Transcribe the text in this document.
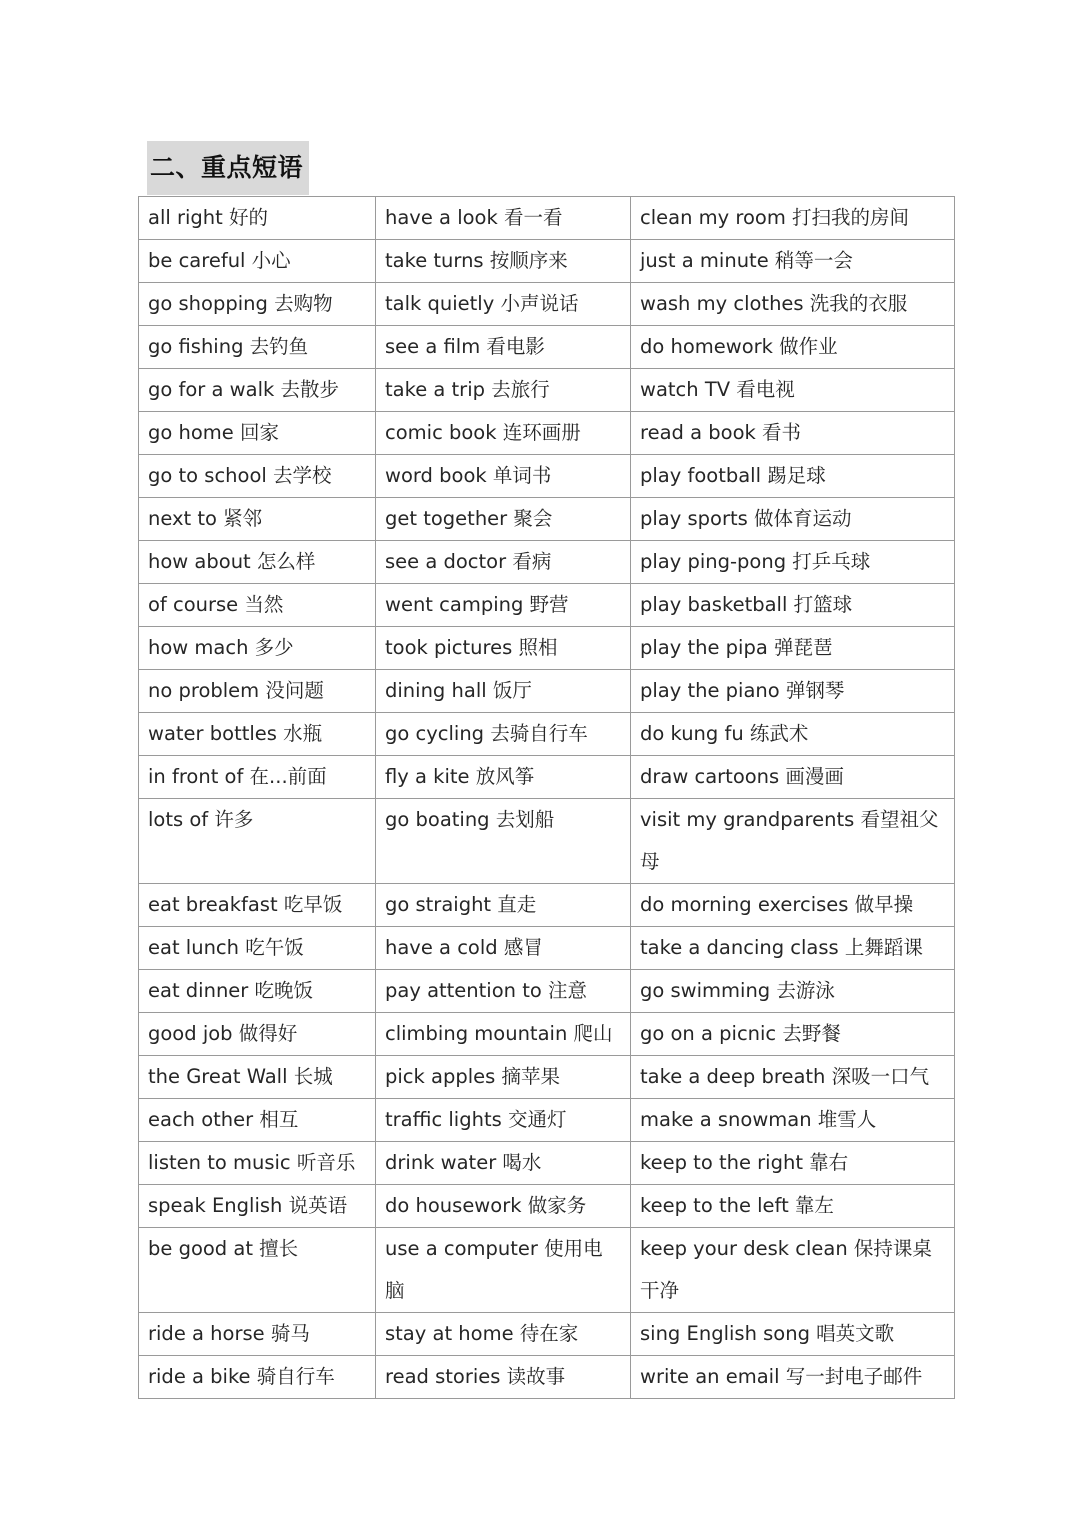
二、重点短语
all right 好的	have a look 看一看	clean my room 打扫我的房间
be careful 小心	take turns 按顺序来	just a minute 稍等一会
go shopping 去购物	talk quietly 小声说话	wash my clothes 洗我的衣服
go fishing 去钓鱼	see a film 看电影	do homework 做作业
go for a walk 去散步	take a trip 去旅行	watch TV 看电视
go home 回家	comic book 连环画册	read a book 看书
go to school 去学校	word book 单词书	play football 踢足球
next to 紧邻	get together 聚会	play sports 做体育运动
how about 怎么样	see a doctor 看病	play ping-pong 打乒乓球
of course 当然	went camping 野营	play basketball 打篮球
how mach 多少	took pictures 照相	play the pipa 弹琵琶
no problem 没问题	dining hall 饭厅	play the piano 弹钢琴
water bottles 水瓶	go cycling 去骑自行车	do kung fu 练武术
in front of 在...前面	fly a kite 放风筝	draw cartoons 画漫画
lots of 许多	go boating 去划船	visit my grandparents 看望祖父母
eat breakfast 吃早饭	go straight 直走	do morning exercises 做早操
eat lunch 吃午饭	have a cold 感冒	take a dancing class 上舞蹈课
eat dinner 吃晚饭	pay attention to 注意	go swimming 去游泳
good job 做得好	climbing mountain 爬山	go on a picnic 去野餐
the Great Wall 长城	pick apples 摘苹果	take a deep breath 深吸一口气
each other 相互	traffic lights 交通灯	make a snowman 堆雪人
listen to music 听音乐	drink water 喝水	keep to the right 靠右
speak English 说英语	do housework 做家务	keep to the left 靠左
be good at 擅长	use a computer 使用电脑	keep your desk clean 保持课桌干净
ride a horse 骑马	stay at home 待在家	sing English song 唱英文歌
ride a bike 骑自行车	read stories 读故事	write an email 写一封电子邮件
